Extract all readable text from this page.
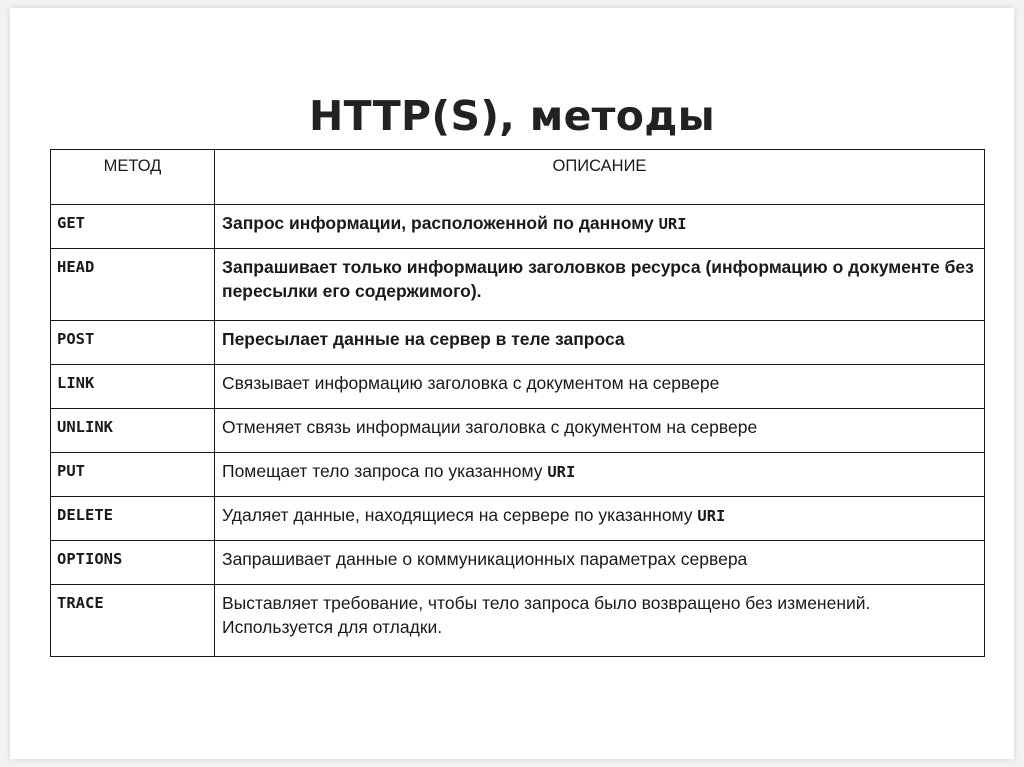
HTTP(S), методы
МЕТОД	ОПИСАНИЕ
GET	Запрос информации, расположенной по данному URI
HEAD	Запрашивает только информацию заголовков ресурса (информацию о документе без пересылки его содержимого).
POST	Пересылает данные на сервер в теле запроса
LINK	Связывает информацию заголовка с документом на сервере
UNLINK	Отменяет связь информации заголовка с документом на сервере
PUT	Помещает тело запроса по указанному URI
DELETE	Удаляет данные, находящиеся на сервере по указанному URI
OPTIONS	Запрашивает данные о коммуникационных параметрах сервера
TRACE	Выставляет требование, чтобы тело запроса было возвращено без изменений. Используется для отладки.
